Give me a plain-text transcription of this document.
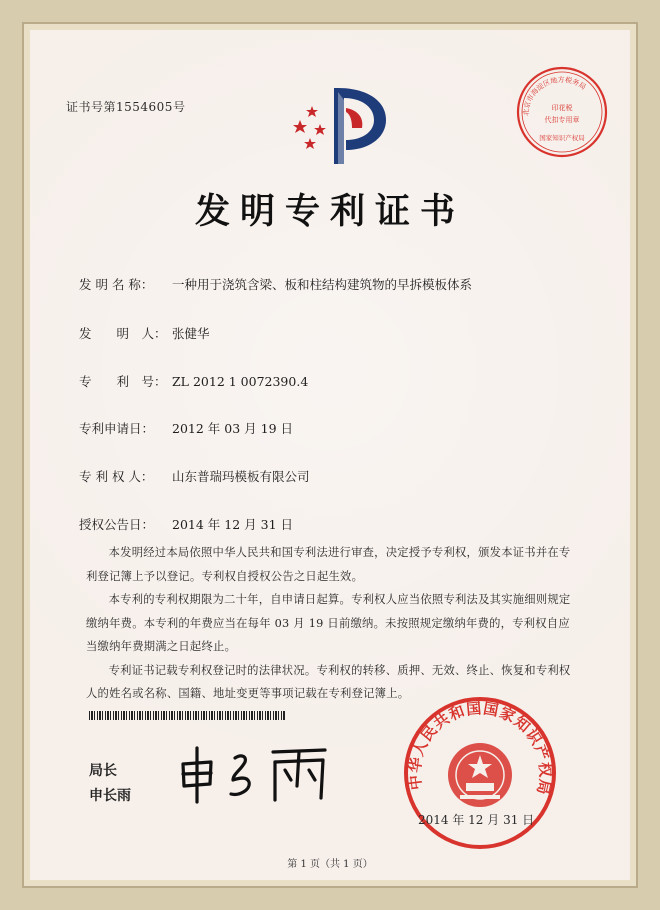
证书号第1554605号	北京市海淀区地方税务局
印花税
代扣专用章
国家知识产权局
发明专利证书
发 明 名 称： 一种用于浇筑含梁、板和柱结构建筑物的早拆模板体系
发　　明　人： 张健华
专　　利　号： ZL 2012 1 0072390.4
专利申请日： 2012 年 03 月 19 日
专 利 权 人： 山东普瑞玛模板有限公司
授权公告日： 2014 年 12 月 31 日

本发明经过本局依照中华人民共和国专利法进行审查，决定授予专利权，颁发本证书并在专利登记簿上予以登记。专利权自授权公告之日起生效。

本专利的专利权期限为二十年，自申请日起算。专利权人应当依照专利法及其实施细则规定缴纳年费。本专利的年费应当在每年 03 月 19 日前缴纳。未按照规定缴纳年费的，专利权自应当缴纳年费期满之日起终止。

专利证书记载专利权登记时的法律状况。专利权的转移、质押、无效、终止、恢复和专利权人的姓名或名称、国籍、地址变更等事项记载在专利登记簿上。

局长
申长雨
中华人民共和国国家知识产权局
2014 年 12 月 31 日
第 1 页（共 1 页）
